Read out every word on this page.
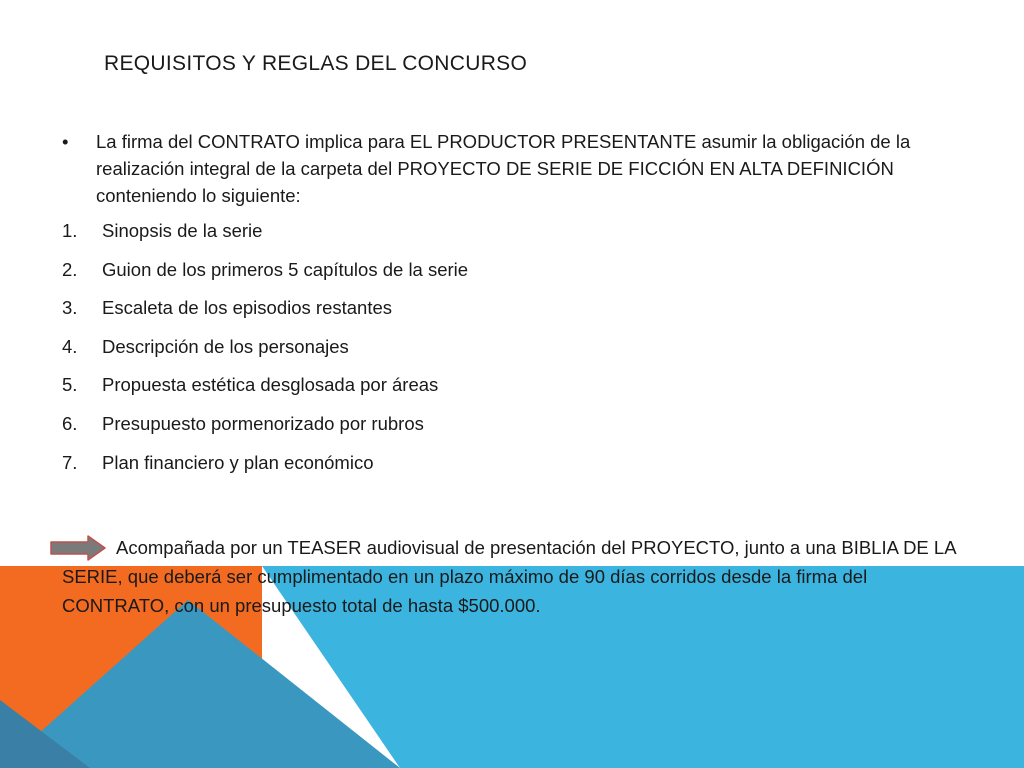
REQUISITOS Y REGLAS DEL CONCURSO
• La firma del CONTRATO implica para EL PRODUCTOR PRESENTANTE asumir la obligación de la realización integral de la carpeta del PROYECTO DE SERIE DE FICCIÓN EN ALTA DEFINICIÓN conteniendo lo siguiente:
1.	Sinopsis de la serie
2.	Guion de los primeros 5 capítulos de la serie
3.	Escaleta de los episodios restantes
4.	Descripción de los personajes
5.	Propuesta estética desglosada por áreas
6.	Presupuesto pormenorizado por rubros
7.	Plan financiero y plan económico
Acompañada por un TEASER audiovisual de presentación del PROYECTO, junto a una BIBLIA DE LA SERIE, que deberá ser cumplimentado en un plazo máximo de 90 días corridos desde la firma del CONTRATO, con un presupuesto total de hasta $500.000.
